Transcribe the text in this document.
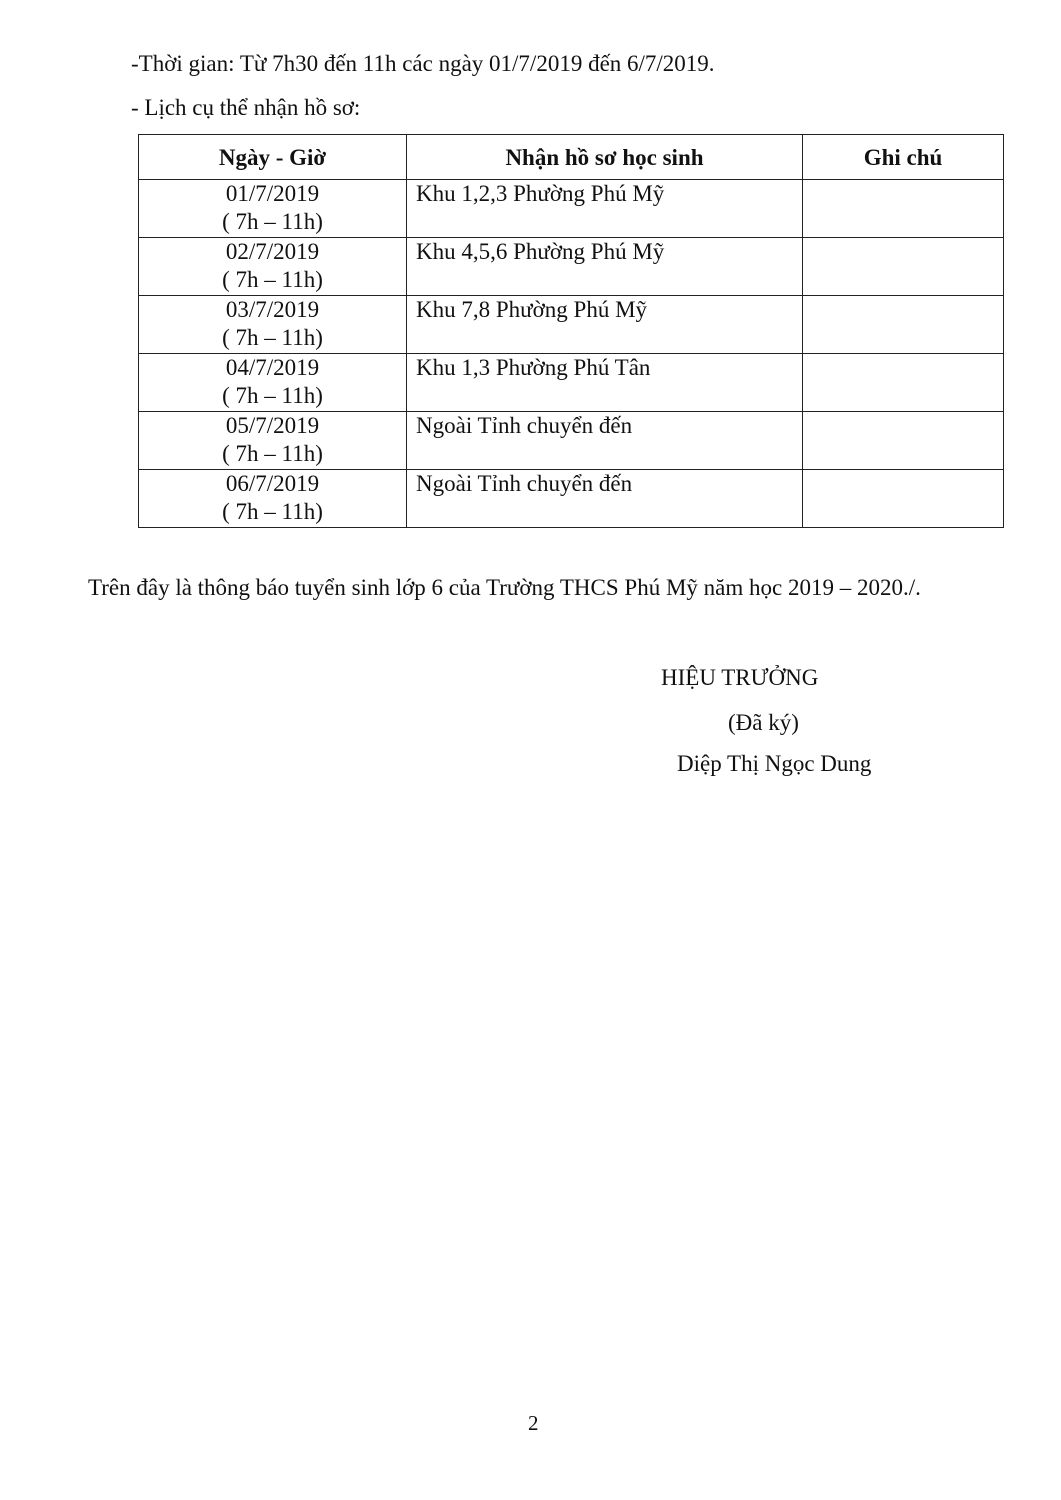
-Thời gian: Từ 7h30 đến 11h các ngày 01/7/2019 đến 6/7/2019.
- Lịch cụ thể nhận hồ sơ:
Ngày - Giờ	Nhận hồ sơ học sinh	Ghi chú

01/7/2019
( 7h – 11h)	Khu 1,2,3 Phường Phú Mỹ	

02/7/2019
( 7h – 11h)	Khu 4,5,6 Phường Phú Mỹ	

03/7/2019
( 7h – 11h)	Khu 7,8 Phường Phú Mỹ	

04/7/2019
( 7h – 11h)	Khu 1,3 Phường Phú Tân	

05/7/2019
( 7h – 11h)	Ngoài Tỉnh chuyển đến	

06/7/2019
( 7h – 11h)	Ngoài Tỉnh chuyển đến	
Trên đây là thông báo tuyển sinh lớp 6 của Trường THCS Phú Mỹ năm học 2019 – 2020./.
HIỆU TRƯỞNG
(Đã ký)
Diệp Thị Ngọc Dung
2
